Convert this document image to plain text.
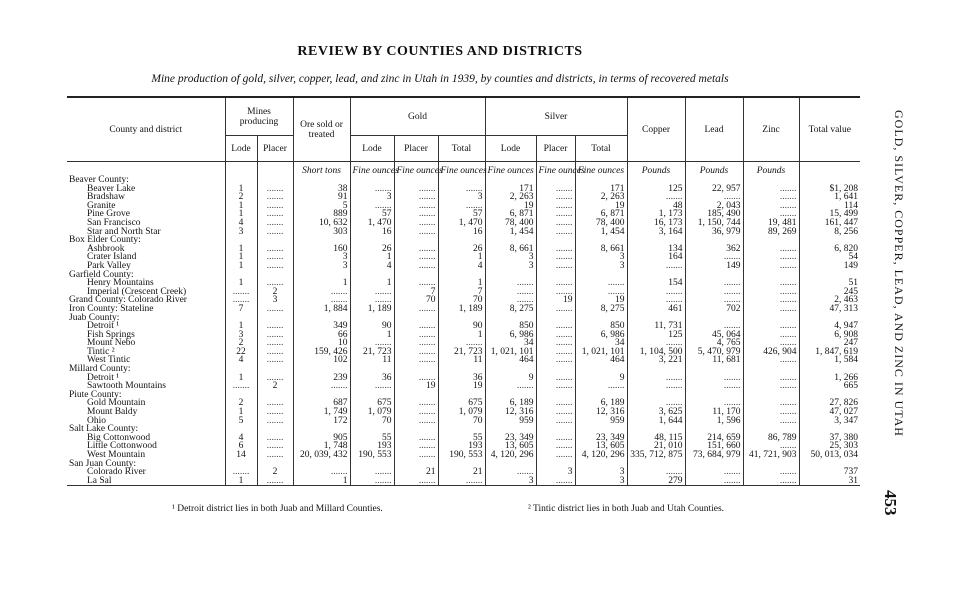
REVIEW BY COUNTIES AND DISTRICTS
Mine production of gold, silver, copper, lead, and zinc in Utah in 1939, by counties and districts, in terms of recovered metals
GOLD, SILVER, COPPER, LEAD, AND ZINC IN UTAH
453
County and district	Mines producing		Ore sold or treated	Gold			Silver			Copper	Lead	Zinc	Total value
	Lode	Placer		Lode	Placer	Total	Lode	Placer	Total				
			Short tons	Fine ounces	Fine ounces	Fine ounces	Fine ounces	Fine ounces	Fine ounces	Pounds	Pounds	Pounds	
Beaver County:													
Beaver Lake	1	.......	38	.......	.......	.......	171	.......	171	125	22, 957	.......	$1, 208
Bradshaw	2	.......	91	3	.......	3	2, 263	.......	2, 263	.......	.......	.......	1, 641
Granite	1	.......	5	.......	.......	.......	19	.......	19	48	2, 043	.......	114
Pine Grove	1	.......	889	57	.......	57	6, 871	.......	6, 871	1, 173	185, 490	.......	15, 499
San Francisco	4	.......	10, 632	1, 470	.......	1, 470	78, 400	.......	78, 400	16, 173	1, 150, 744	19, 481	161, 447
Star and North Star	3	.......	303	16	.......	16	1, 454	.......	1, 454	3, 164	36, 979	89, 269	8, 256
Box Elder County:													
Ashbrook	1	.......	160	26	.......	26	8, 661	.......	8, 661	134	362	.......	6, 820
Crater Island	1	.......	3	1	.......	1	3	.......	3	164	.......	.......	54
Park Valley	1	.......	3	4	.......	4	3	.......	3	.......	149	.......	149
Garfield County:													
Henry Mountains	1	.......	1	1	.......	1	.......	.......	.......	154	.......	.......	51
Imperial (Crescent Creek)	.......	2	.......	.......	7	7	.......	.......	.......	.......	.......	.......	245
Grand County: Colorado River	.......	3	.......	.......	70	70	.......	19	19	.......	.......	.......	2, 463
Iron County: Stateline	7	.......	1, 884	1, 189	.......	1, 189	8, 275	.......	8, 275	461	702	.......	47, 313
Juab County:													
Detroit ¹	1	.......	349	90	.......	90	850	.......	850	11, 731	.......	.......	4, 947
Fish Springs	3	.......	66	1	.......	1	6, 986	.......	6, 986	125	45, 064	.......	6, 908
Mount Nebo	2	.......	10	.......	.......	.......	34	.......	34	.......	4, 765	.......	247
Tintic ²	22	.......	159, 426	21, 723	.......	21, 723	1, 021, 101	.......	1, 021, 101	1, 104, 500	5, 470, 979	426, 904	1, 847, 619
West Tintic	4	.......	102	11	.......	11	464	.......	464	3, 221	11, 681	.......	1, 584
Millard County:													
Detroit ¹	1	.......	239	36	.......	36	9	.......	9	.......	.......	.......	1, 266
Sawtooth Mountains	.......	2	.......	.......	19	19	.......	.......	.......	.......	.......	.......	665
Piute County:													
Gold Mountain	2	.......	687	675	.......	675	6, 189	.......	6, 189	.......	.......	.......	27, 826
Mount Baldy	1	.......	1, 749	1, 079	.......	1, 079	12, 316	.......	12, 316	3, 625	11, 170	.......	47, 027
Ohio	5	.......	172	70	.......	70	959	.......	959	1, 644	1, 596	.......	3, 347
Salt Lake County:													
Big Cottonwood	4	.......	905	55	.......	55	23, 349	.......	23, 349	48, 115	214, 659	86, 789	37, 380
Little Cottonwood	6	.......	1, 748	193	.......	193	13, 605	.......	13, 605	21, 010	151, 660	.......	25, 303
West Mountain	14	.......	20, 039, 432	190, 553	.......	190, 553	4, 120, 296	.......	4, 120, 296	335, 712, 875	73, 684, 979	41, 721, 903	50, 013, 034
San Juan County:													
Colorado River	.......	2	.......	.......	21	21	.......	3	3	.......	.......	.......	737
La Sal	1	.......	1	.......	.......	.......	3	.......	3	279	.......	.......	31
¹ Detroit district lies in both Juab and Millard Counties.	² Tintic district lies in both Juab and Utah Counties.
